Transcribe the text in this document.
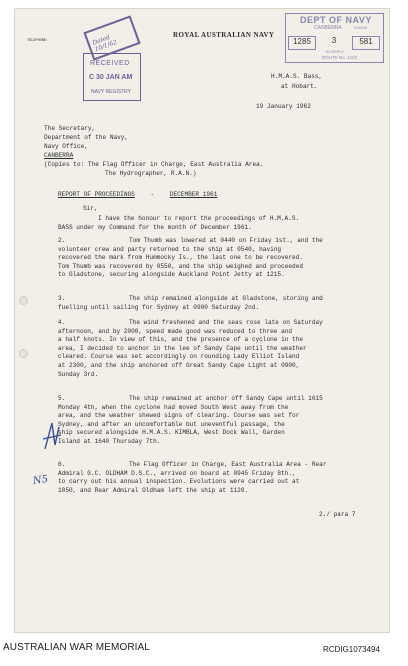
Dated 10/1/62
RECEIVED
C 30 JAN AM
NAVY REGISTRY
DEPT OF NAVY
CANBERRA	N-6209
1285	3	581
IN REPLY
ROUTE No. 1/2/2
TELEPHONE:
ROYAL AUSTRALIAN NAVY
H.M.A.S. Bass,
at Hobart.
19 January 1962
The Secretary,
Department of the Navy,
Navy Office,
CANBERRA
(Copies to: The Flag Officer in Charge, East Australia Area.
The Hydrographer, R.A.N.)
REPORT OF PROCEEDINGS	-	DECEMBER 1961
Sir,
I have the honour to report the proceedings of H.M.A.S.
BASS under my Command for the month of December 1961.
2.	Tom Thumb was lowered at 0440 on Friday 1st., and the
volunteer crew and party returned to the ship at 0540, having
recovered the mark from Hummocky Is., the last one to be recovered.
Tom Thumb was recovered by 0550, and the ship weighed and proceeded
to Gladstone, securing alongside Auckland Point Jetty at 1215.
3.	The ship remained alongside at Gladstone, storing and
fuelling until sailing for Sydney at 0900 Saturday 2nd.
4.	The wind freshened and the seas rose late on Saturday
afternoon, and by 2000, speed made good was reduced to three and
a half knots. In view of this, and the presence of a cyclone in the
area, I decided to anchor in the lee of Sandy Cape until the weather
cleared. Course was set accordingly on rounding Lady Elliot Island
at 2300, and the ship anchored off Great Sandy Cape Light at 0900,
Sunday 3rd.
5.	The ship remained at anchor off Sandy Cape until 1615
Monday 4th, when the cyclone had moved South West away from the
area, and the weather shewed signs of clearing. Course was set for
Sydney, and after an uncomfortable but uneventful passage, the
ship secured alongside H.M.A.S. KIMBLA, West Dock Wall, Garden
Island at 1640 Thursday 7th.
6.	The Flag Officer in Charge, East Australia Area - Rear
Admiral G.C. OLDHAM D.S.C., arrived on board at 0945 Friday 8th.,
to carry out his annual inspection. Evolutions were carried out at
1050, and Rear Admiral Oldham left the ship at 1120.
2./ para 7
N5
AUSTRALIAN WAR MEMORIAL	RCDIG1073494
